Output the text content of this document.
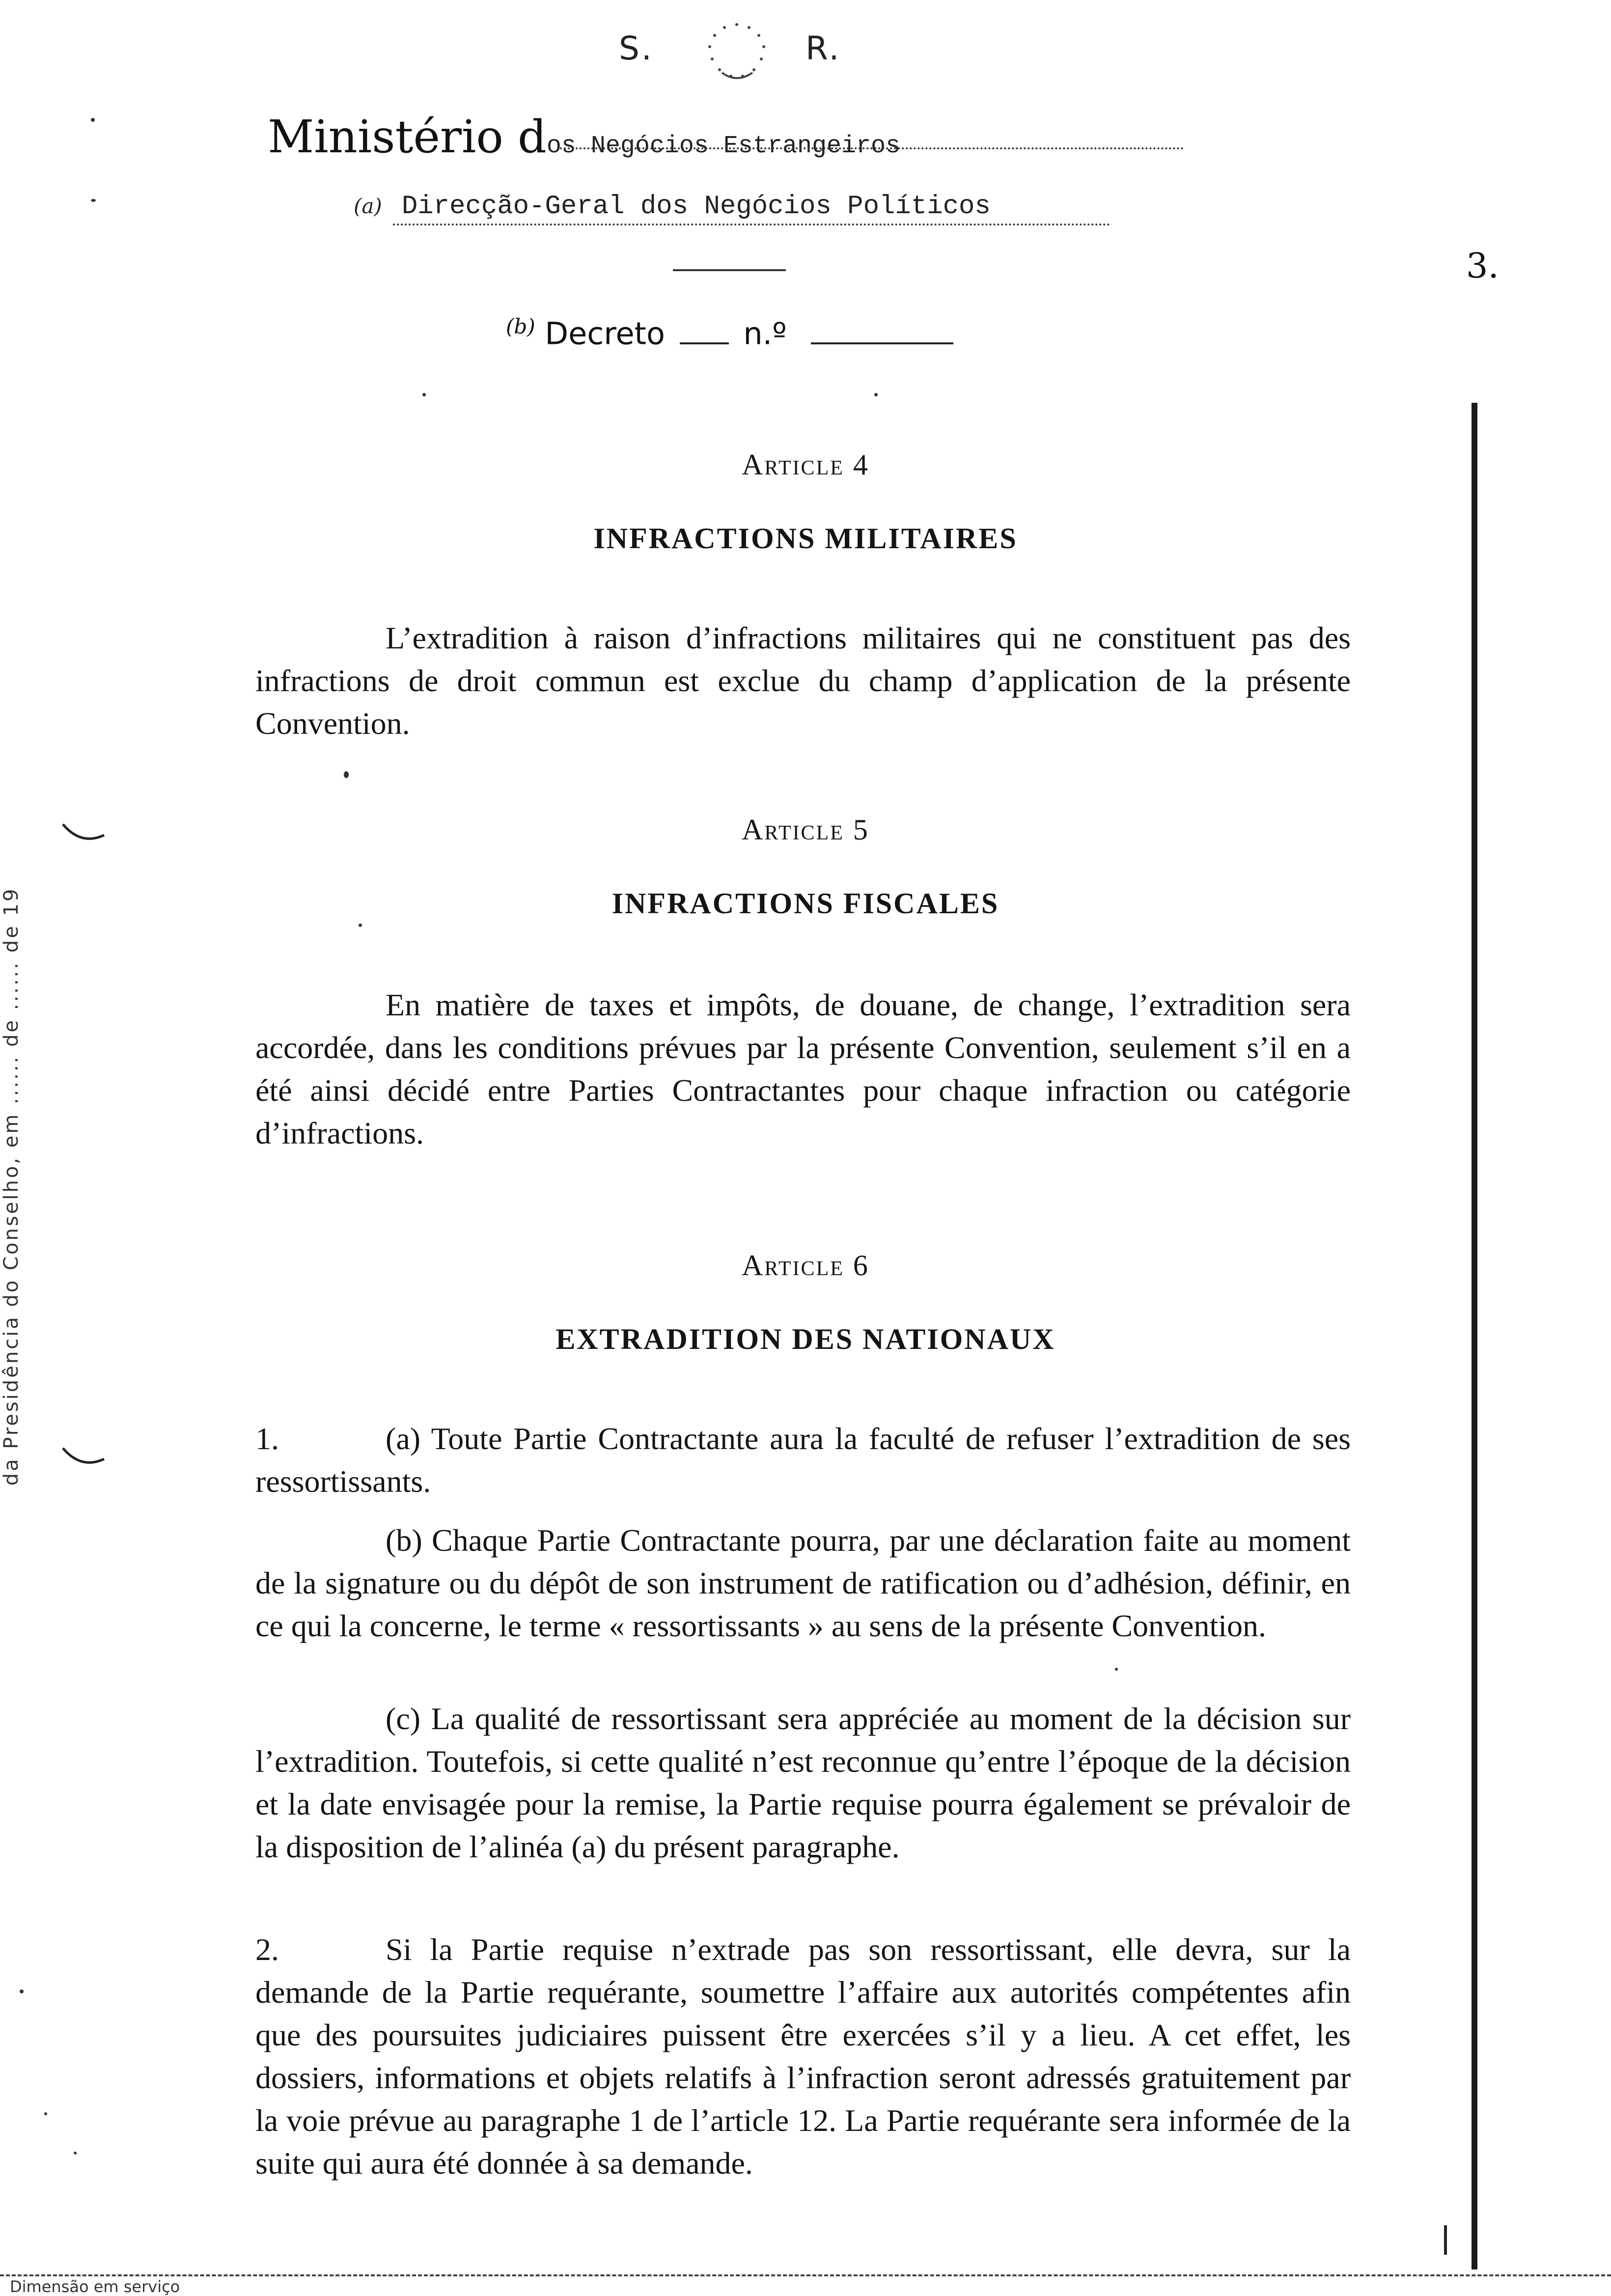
S.	R.
Ministério dos Negócios Estrangeiros
(a) Direcção-Geral dos Negócios Políticos
3.
$^{(b)}$ Decreto	n.º
Article 4
INFRACTIONS MILITAIRES
L’extradition à raison d’infractions militaires qui ne constituent pas des infractions de droit commun est exclue du champ d’application de la présente Convention.
Article 5
INFRACTIONS FISCALES
En matière de taxes et impôts, de douane, de change, l’extradition sera accordée, dans les conditions prévues par la présente Convention, seulement s’il en a été ainsi décidé entre Parties Contractantes pour chaque infraction ou catégorie d’infractions.
Article 6
EXTRADITION DES NATIONAUX
1.	(a) Toute Partie Contractante aura la faculté de refuser l’extradition de ses ressortissants.
(b) Chaque Partie Contractante pourra, par une déclaration faite au moment de la signature ou du dépôt de son instrument de ratification ou d’adhésion, définir, en ce qui la concerne, le terme « ressortissants » au sens de la présente Convention.
(c) La qualité de ressortissant sera appréciée au moment de la décision sur l’extradition. Toutefois, si cette qualité n’est reconnue qu’entre l’époque de la décision et la date envisagée pour la remise, la Partie requise pourra également se prévaloir de la disposition de l’alinéa (a) du présent paragraphe.
2.	Si la Partie requise n’extrade pas son ressortissant, elle devra, sur la demande de la Partie requérante, soumettre l’affaire aux autorités compétentes afin que des poursuites judiciaires puissent être exercées s’il y a lieu. A cet effet, les dossiers, informations et objets relatifs à l’infraction seront adressés gratuitement par la voie prévue au paragraphe 1 de l’article 12. La Partie requérante sera informée de la suite qui aura été donnée à sa demande.
da Presidência do Conselho, em ...... de ...... de 19
Dimensão em serviço
